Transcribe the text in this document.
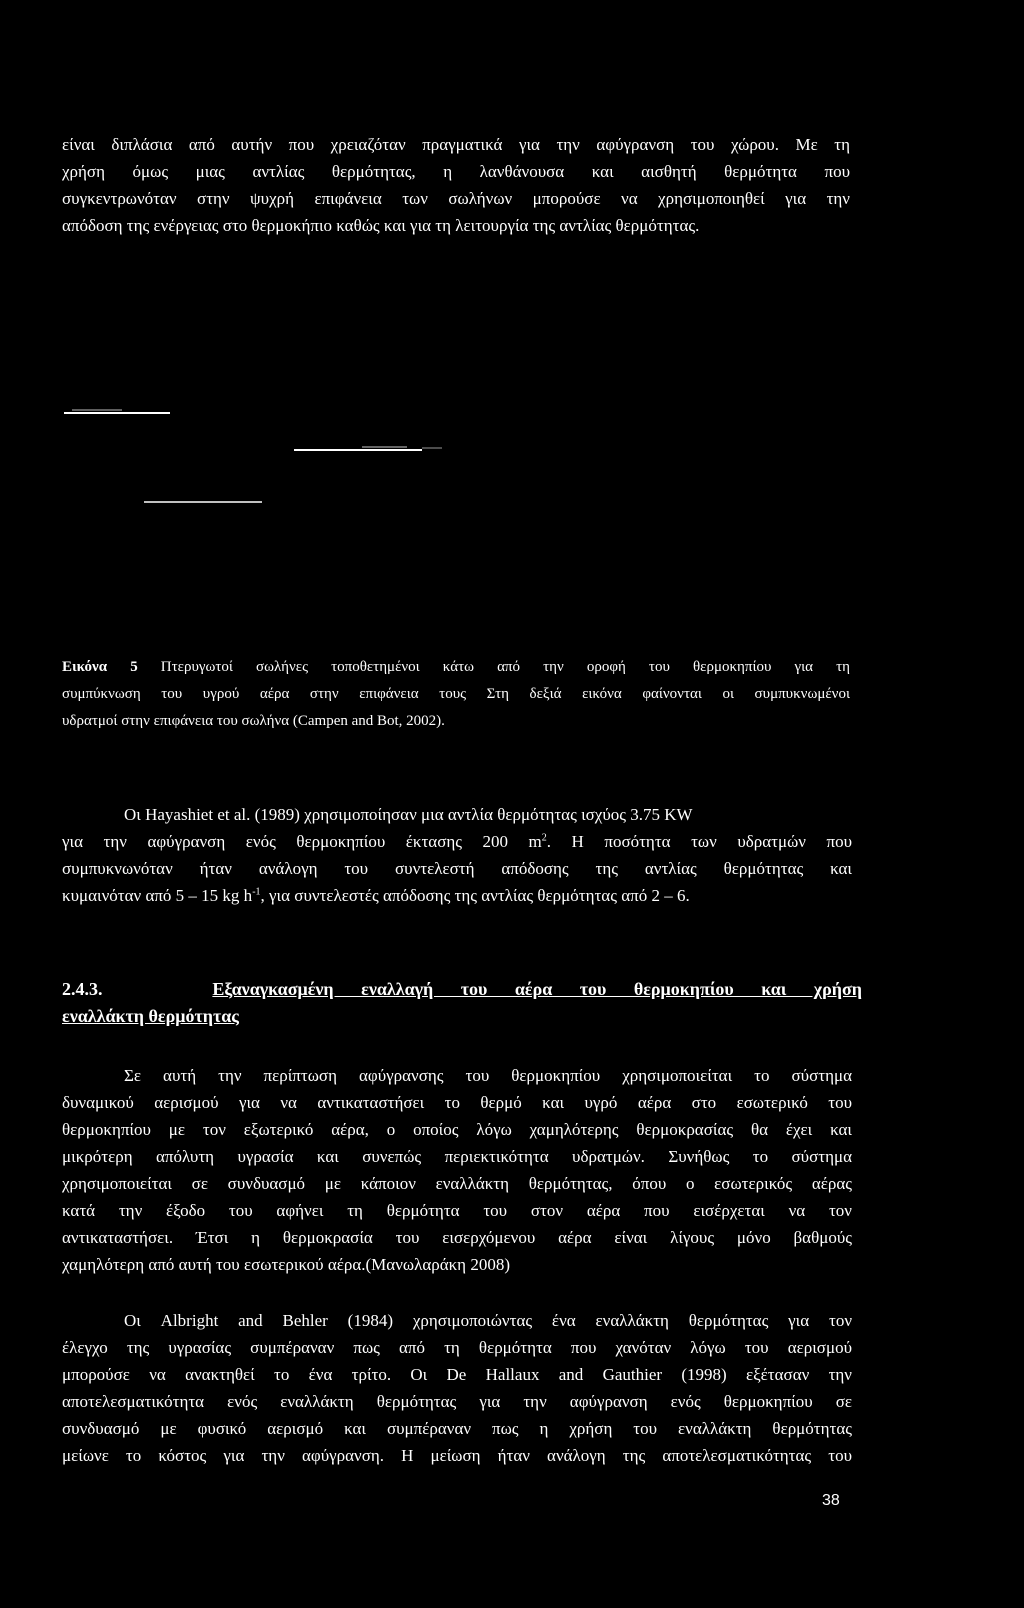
είναι διπλάσια από αυτήν που χρειαζόταν πραγματικά για την αφύγρανση του χώρου. Με τη
χρήση όμως μιας αντλίας θερμότητας, η λανθάνουσα και αισθητή θερμότητα που
συγκεντρωνόταν στην ψυχρή επιφάνεια των σωλήνων μπορούσε να χρησιμοποιηθεί για την
απόδοση της ενέργειας στο θερμοκήπιο καθώς και για τη λειτουργία της αντλίας θερμότητας.
Εικόνα 5 Πτερυγωτοί σωλήνες τοποθετημένοι κάτω από την οροφή του θερμοκηπίου για τη
συμπύκνωση του υγρού αέρα στην επιφάνεια τους Στη δεξιά εικόνα φαίνονται οι συμπυκνωμένοι
υδρατμοί στην επιφάνεια του σωλήνα (Campen and Bot, 2002).
Οι Hayashiet et al. (1989) χρησιμοποίησαν μια αντλία θερμότητας ισχύος 3.75 KW
για την αφύγρανση ενός θερμοκηπίου έκτασης 200 $m^2$. Η ποσότητα των υδρατμών που
συμπυκνωνόταν ήταν ανάλογη του συντελεστή απόδοσης της αντλίας θερμότητας και
κυμαινόταν από 5 – 15 kg $h^{-1}$, για συντελεστές απόδοσης της αντλίας θερμότητας από 2 – 6.
2.4.3.	Εξαναγκασμένη εναλλαγή του αέρα του θερμοκηπίου και χρήση
εναλλάκτη θερμότητας
Σε αυτή την περίπτωση αφύγρανσης του θερμοκηπίου χρησιμοποιείται το σύστημα
δυναμικού αερισμού για να αντικαταστήσει το θερμό και υγρό αέρα στο εσωτερικό του
θερμοκηπίου με τον εξωτερικό αέρα, ο οποίος λόγω χαμηλότερης θερμοκρασίας θα έχει και
μικρότερη απόλυτη υγρασία και συνεπώς περιεκτικότητα υδρατμών. Συνήθως το σύστημα
χρησιμοποιείται σε συνδυασμό με κάποιον εναλλάκτη θερμότητας, όπου ο εσωτερικός αέρας
κατά την έξοδο του αφήνει τη θερμότητα του στον αέρα που εισέρχεται να τον
αντικαταστήσει. Έτσι η θερμοκρασία του εισερχόμενου αέρα είναι λίγους μόνο βαθμούς
χαμηλότερη από αυτή του εσωτερικού αέρα.(Μανωλαράκη 2008)
Οι Albright and Behler (1984) χρησιμοποιώντας ένα εναλλάκτη θερμότητας για τον
έλεγχο της υγρασίας συμπέραναν πως από τη θερμότητα που χανόταν λόγω του αερισμού
μπορούσε να ανακτηθεί το ένα τρίτο. Οι De Hallaux and Gauthier (1998) εξέτασαν την
αποτελεσματικότητα ενός εναλλάκτη θερμότητας για την αφύγρανση ενός θερμοκηπίου σε
συνδυασμό με φυσικό αερισμό και συμπέραναν πως η χρήση του εναλλάκτη θερμότητας
μείωνε το κόστος για την αφύγρανση. Η μείωση ήταν ανάλογη της αποτελεσματικότητας του
38
